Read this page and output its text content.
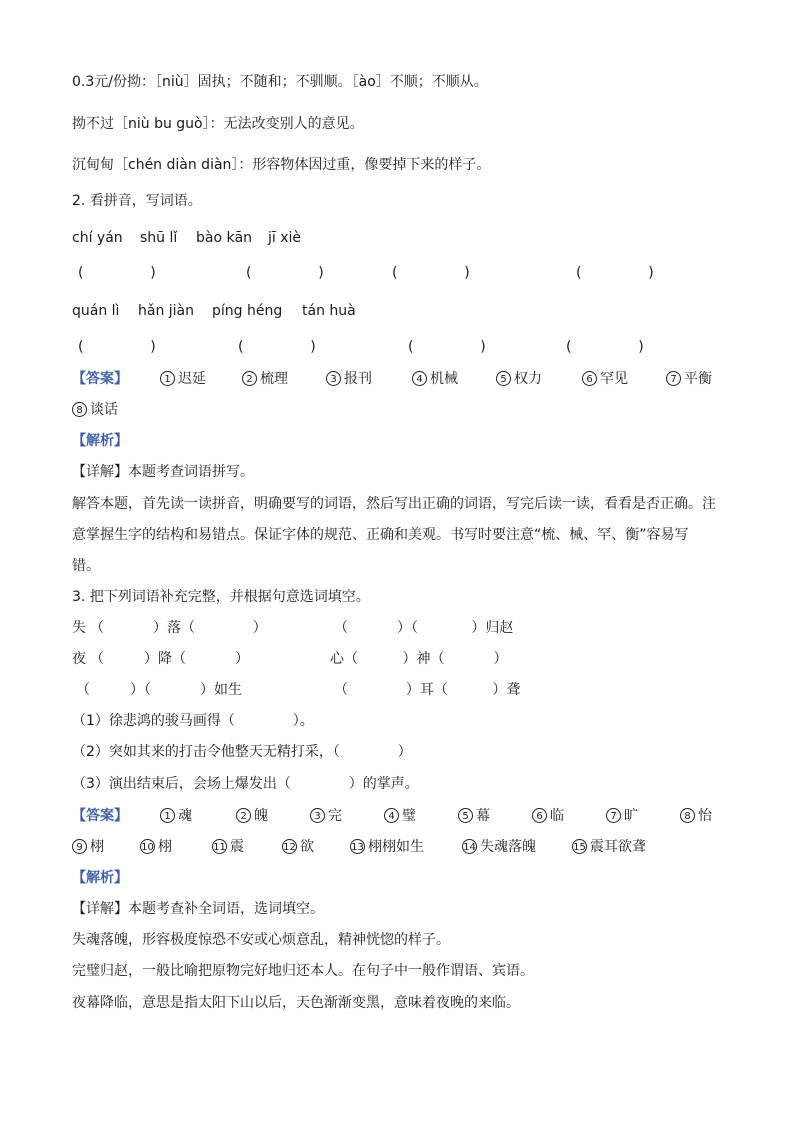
0.3元/份拗：［niù］固执；不随和；不驯顺。［ào］不顺；不顺从。
拗不过［niù bu guò］：无法改变别人的意见。
沉甸甸［chén diàn diàn］：形容物体因过重，像要掉下来的样子。
2. 看拼音，写词语。
chí yán shū lǐ bào kān jī xiè
(               )	(               )	(               )	(               )
quán lì hǎn jiàn píng héng tán huà
(               )	(               )	(               )	(               )
【答案】	1 迟延	2 梳理	3 报刊	4 机械	5 权力	6 罕见	7 平衡
8 谈话
【解析】
【详解】本题考查词语拼写。
解答本题，首先读一读拼音，明确要写的词语，然后写出正确的词语，写完后读一读，看看是否正确。注
意掌握生字的结构和易错点。保证字体的规范、正确和美观。书写时要注意“梳、械、罕、衡”容易写
错。
3. 把下列词语补充完整，并根据句意选词填空。
失 （           ）落（             ）	（           ）（            ）归赵
夜 （         ）降（           ）	心（          ）神（           ）
（         ）（           ）如生	（             ）耳（          ）聋
（1）徐悲鸿的骏马画得（             ）。
（2）突如其来的打击令他整天无精打采，（             ）
（3）演出结束后，会场上爆发出（             ）的掌声。
【答案】	1 魂	2 魄	3 完	4 璧	5 幕	6 临	7 旷	8 怡
9 栩	10 栩	11 震	12 欲	13 栩栩如生	14 失魂落魄	15 震耳欲聋
【解析】
【详解】本题考查补全词语，选词填空。
失魂落魄，形容极度惊恐不安或心烦意乱，精神恍惚的样子。
完璧归赵，一般比喻把原物完好地归还本人。在句子中一般作谓语、宾语。
夜幕降临，意思是指太阳下山以后，天色渐渐变黑，意味着夜晚的来临。
